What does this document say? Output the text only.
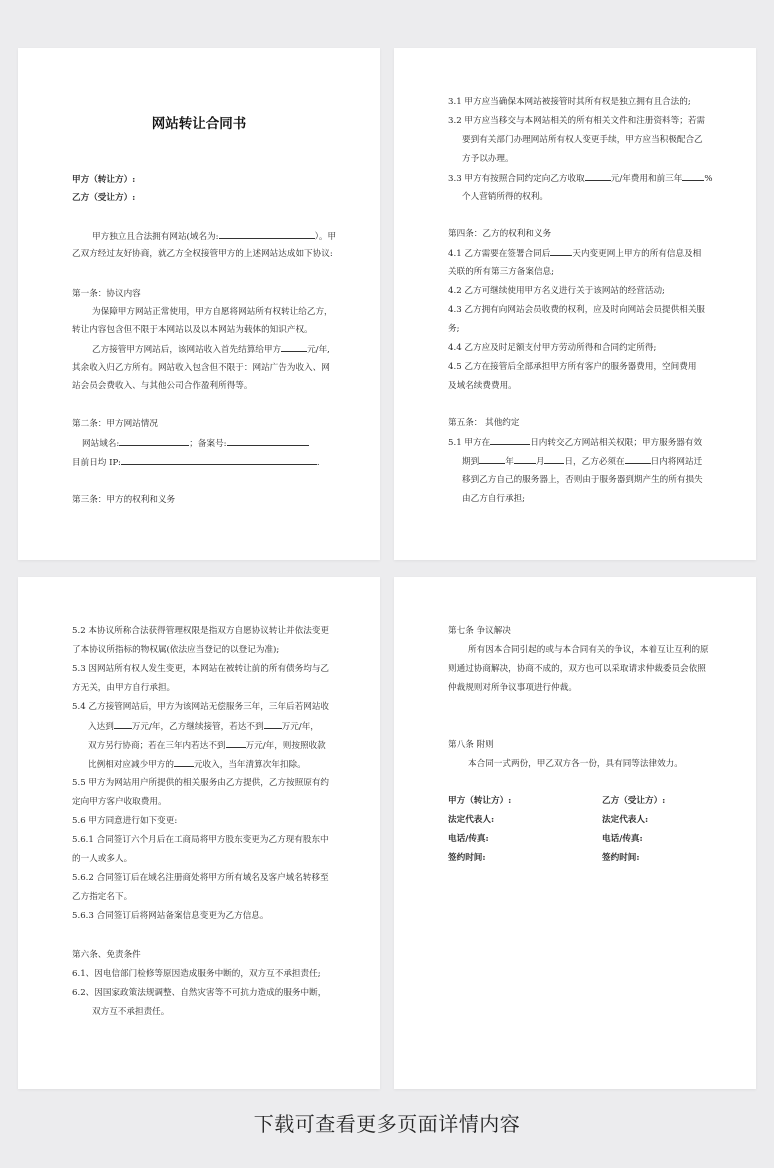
网站转让合同书
甲方（转让方）:
乙方（受让方）:
甲方独立且合法拥有网站(域名为:	）。甲
乙双方经过友好协商，就乙方全权接管甲方的上述网站达成如下协议:
第一条：协议内容
为保障甲方网站正常使用，甲方自愿将网站所有权转让给乙方，
转让内容包含但不限于本网站以及以本网站为载体的知识产权。
乙方接管甲方网站后，该网站收入首先结算给甲方	元/年,
其余收入归乙方所有。网站收入包含但不限于：网站广告为收入、网
站会员会费收入、与其他公司合作盈利所得等。
第二条：甲方网站情况
网站域名:	；备案号:
目前日均 IP:	.
第三条：甲方的权利和义务
3.1 甲方应当确保本网站被接管时其所有权是独立拥有且合法的;
3.2 甲方应当移交与本网站相关的所有相关文件和注册资料等；若需
要到有关部门办理网站所有权人变更手续，甲方应当积极配合乙
方予以办理。
3.3 甲方有按照合同约定向乙方收取	元/年费用和前三年	%
个人营销所得的权利。
第四条：乙方的权利和义务
4.1 乙方需要在签署合同后	天内变更网上甲方的所有信息及相
关联的所有第三方备案信息;
4.2 乙方可继续使用甲方名义进行关于该网站的经营活动;
4.3 乙方拥有向网站会员收费的权利，应及时向网站会员提供相关服
务;
4.4 乙方应及时足额支付甲方劳动所得和合同约定所得;
4.5 乙方在接管后全部承担甲方所有客户的服务器费用，空间费用
及域名续费费用。
第五条： 其他约定
5.1 甲方在	日内转交乙方网站相关权限；甲方服务器有效
期到	年	月 日，乙方必须在	日内将网站迁
移到乙方自己的服务器上，否则由于服务器到期产生的所有损失
由乙方自行承担;
5.2 本协议所称合法获得管理权限是指双方自愿协议转让并依法变更
了本协议所指标的物权属(依法应当登记的以登记为准);
5.3 因网站所有权人发生变更，本网站在被转让前的所有债务均与乙
方无关，由甲方自行承担。
5.4 乙方接管网站后，甲方为该网站无偿服务三年，三年后若网站收
入达到 万元/年，乙方继续接管，若达不到 万元/年，
双方另行协商；若在三年内若达不到 万元/年，则按照收款
比例相对应减少甲方的 元收入，当年清算次年扣除。
5.5 甲方为网站用户所提供的相关服务由乙方提供，乙方按照原有约
定向甲方客户收取费用。
5.6 甲方同意进行如下变更:
5.6.1 合同签订六个月后在工商局将甲方股东变更为乙方现有股东中
的一人或多人。
5.6.2 合同签订后在域名注册商处将甲方所有域名及客户域名转移至
乙方指定名下。
5.6.3 合同签订后将网站备案信息变更为乙方信息。
第六条、免责条件
6.1、因电信部门检修等原因造成服务中断的，双方互不承担责任;
6.2、因国家政策法规调整、自然灾害等不可抗力造成的服务中断，
双方互不承担责任。
第七条 争议解决
所有因本合同引起的或与本合同有关的争议，本着互让互利的原
则通过协商解决，协商不成的，双方也可以采取请求仲裁委员会依照
仲裁规则对所争议事项进行仲裁。
第八条 附则
本合同一式两份，甲乙双方各一份，具有同等法律效力。
甲方（转让方）:	乙方（受让方）:
法定代表人:	法定代表人:
电话/传真:	电话/传真:
签约时间:	签约时间:
下载可查看更多页面详情内容
